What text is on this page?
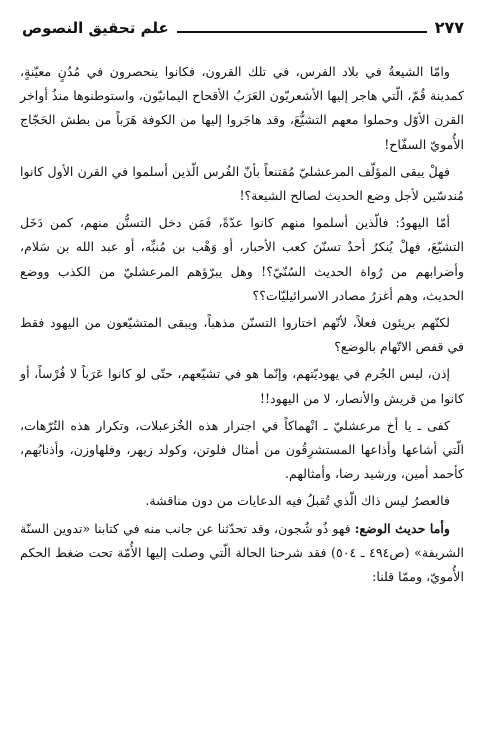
علم تحقيق النصوص	٢٧٧

وامّا الشيعةُ في بلاد الفرس، في تلك القرون، فكانوا ينحصرون في مُدُنٍ معيّنةٍ، كمدينة قُمّ، الّتي هاجر إليها الأشعريّون العَرَبُ الأقحاح اليمانيّون، واستوطنوها منذُ أواخر القرن الأوّل وحملوا معهم التشيُّعَ، وقد هاجَروا إليها من الكوفة هَرَباً من بطش الحَجّاج الأُمويّ السفّاح!

فهلْ يبقى المؤلّف المرعشليّ مُقتنعاً بأنّ الفُرس الّذين أسلموا في القرن الأول كانوا مُندسّين لأجل وضع الحديث لصالح الشيعة؟!

أمّا اليهودُ: فالّذين أسلموا منهم كانوا عدّةً، فَمَن دخل التسنُّن منهم، كمن دَخَل التشيّعَ، فهلْ يُنكرُ أحدٌ تسنّنَ كعب الأحبار، أو وَهْب بن مُنبِّه، أو عبد الله بن سَلام، وأضرابهم من رُواة الحديث السُنّيّ؟! وهل يبرّؤهم المرعشليّ من الكذب ووضع الحديث، وهم أغزرُ مصادر الاسرائيليّات؟؟

لكنّهم بريئون فعلاً، لأنّهم اختاروا التسنّن مذهباً، ويبقى المتشيّعون من اليهود فقط في قفص الاتّهام بالوضع؟

إذن، ليس الجُرم في يهوديّتهم، وإنّما هو في تشيّعهم، حتّى لو كانوا عَرَباً لا فُرْساً، أو كانوا من قريش والأنصار، لا من اليهود!!

كفى ـ يا أخ مرعشليّ ـ انْهماكاً في اجترار هذه الخُزعبلات، وتكرار هذه التُرّهات، الّتي أشاعها وأذاعها المستشرِقُون من أمثال فلوتن، وكولد زيهر، وفلهاوزن، وأذنابُهم، كأحمد أمين، ورشيد رضا، وأمثالهم.

فالعصرُ ليس ذاك الّذي تُقبلُ فيه الدعايات من دون مناقشة.

وأما حديث الوضع: فهو ذُو شُجون، وقد تحدّثنا عن جانب منه في كتابنا «تدوين السنّة الشريفة» (ص٤٩٤ ـ ٥٠٤) فقد شرحنا الحالة الّتي وصلت إليها الأُمّة تحت ضغط الحكم الأُمويّ، وممّا قلنا:
